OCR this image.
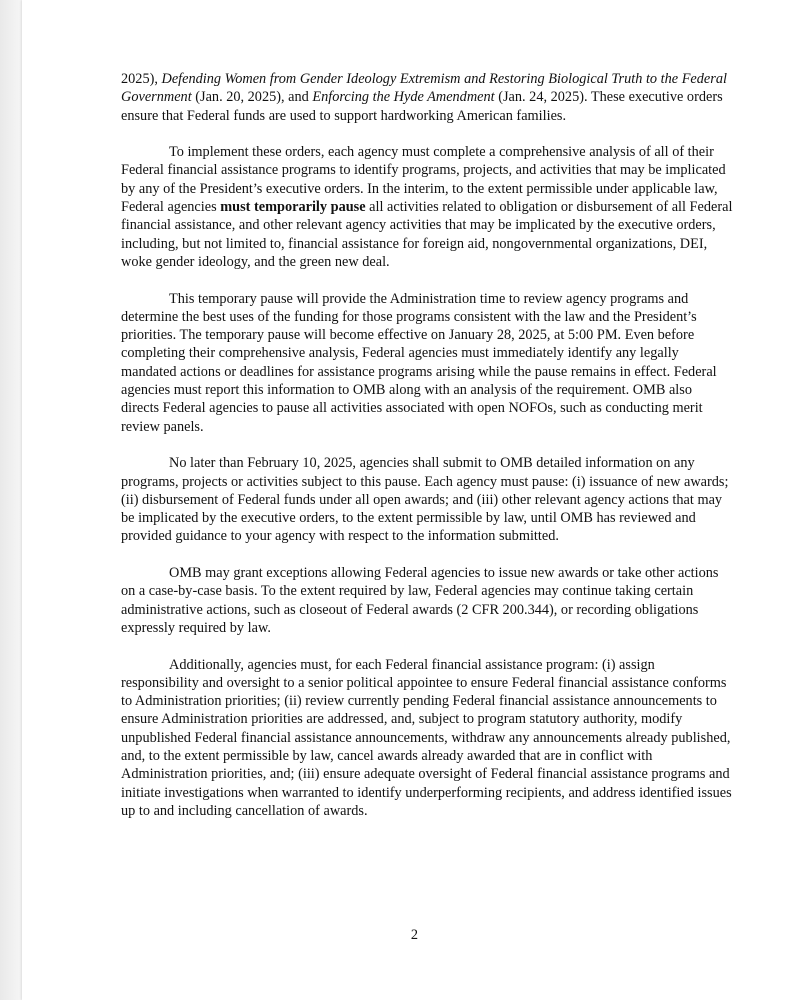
2025), Defending Women from Gender Ideology Extremism and Restoring Biological Truth to the Federal Government (Jan. 20, 2025), and Enforcing the Hyde Amendment (Jan. 24, 2025). These executive orders ensure that Federal funds are used to support hardworking American families.

To implement these orders, each agency must complete a comprehensive analysis of all of their Federal financial assistance programs to identify programs, projects, and activities that may be implicated by any of the President’s executive orders. In the interim, to the extent permissible under applicable law, Federal agencies must temporarily pause all activities related to obligation or disbursement of all Federal financial assistance, and other relevant agency activities that may be implicated by the executive orders, including, but not limited to, financial assistance for foreign aid, nongovernmental organizations, DEI, woke gender ideology, and the green new deal.

This temporary pause will provide the Administration time to review agency programs and determine the best uses of the funding for those programs consistent with the law and the President’s priorities. The temporary pause will become effective on January 28, 2025, at 5:00 PM. Even before completing their comprehensive analysis, Federal agencies must immediately identify any legally mandated actions or deadlines for assistance programs arising while the pause remains in effect. Federal agencies must report this information to OMB along with an analysis of the requirement. OMB also directs Federal agencies to pause all activities associated with open NOFOs, such as conducting merit review panels.

No later than February 10, 2025, agencies shall submit to OMB detailed information on any programs, projects or activities subject to this pause. Each agency must pause: (i) issuance of new awards; (ii) disbursement of Federal funds under all open awards; and (iii) other relevant agency actions that may be implicated by the executive orders, to the extent permissible by law, until OMB has reviewed and provided guidance to your agency with respect to the information submitted.

OMB may grant exceptions allowing Federal agencies to issue new awards or take other actions on a case-by-case basis. To the extent required by law, Federal agencies may continue taking certain administrative actions, such as closeout of Federal awards (2 CFR 200.344), or recording obligations expressly required by law.

Additionally, agencies must, for each Federal financial assistance program: (i) assign responsibility and oversight to a senior political appointee to ensure Federal financial assistance conforms to Administration priorities; (ii) review currently pending Federal financial assistance announcements to ensure Administration priorities are addressed, and, subject to program statutory authority, modify unpublished Federal financial assistance announcements, withdraw any announcements already published, and, to the extent permissible by law, cancel awards already awarded that are in conflict with Administration priorities, and; (iii) ensure adequate oversight of Federal financial assistance programs and initiate investigations when warranted to identify underperforming recipients, and address identified issues up to and including cancellation of awards.

2
